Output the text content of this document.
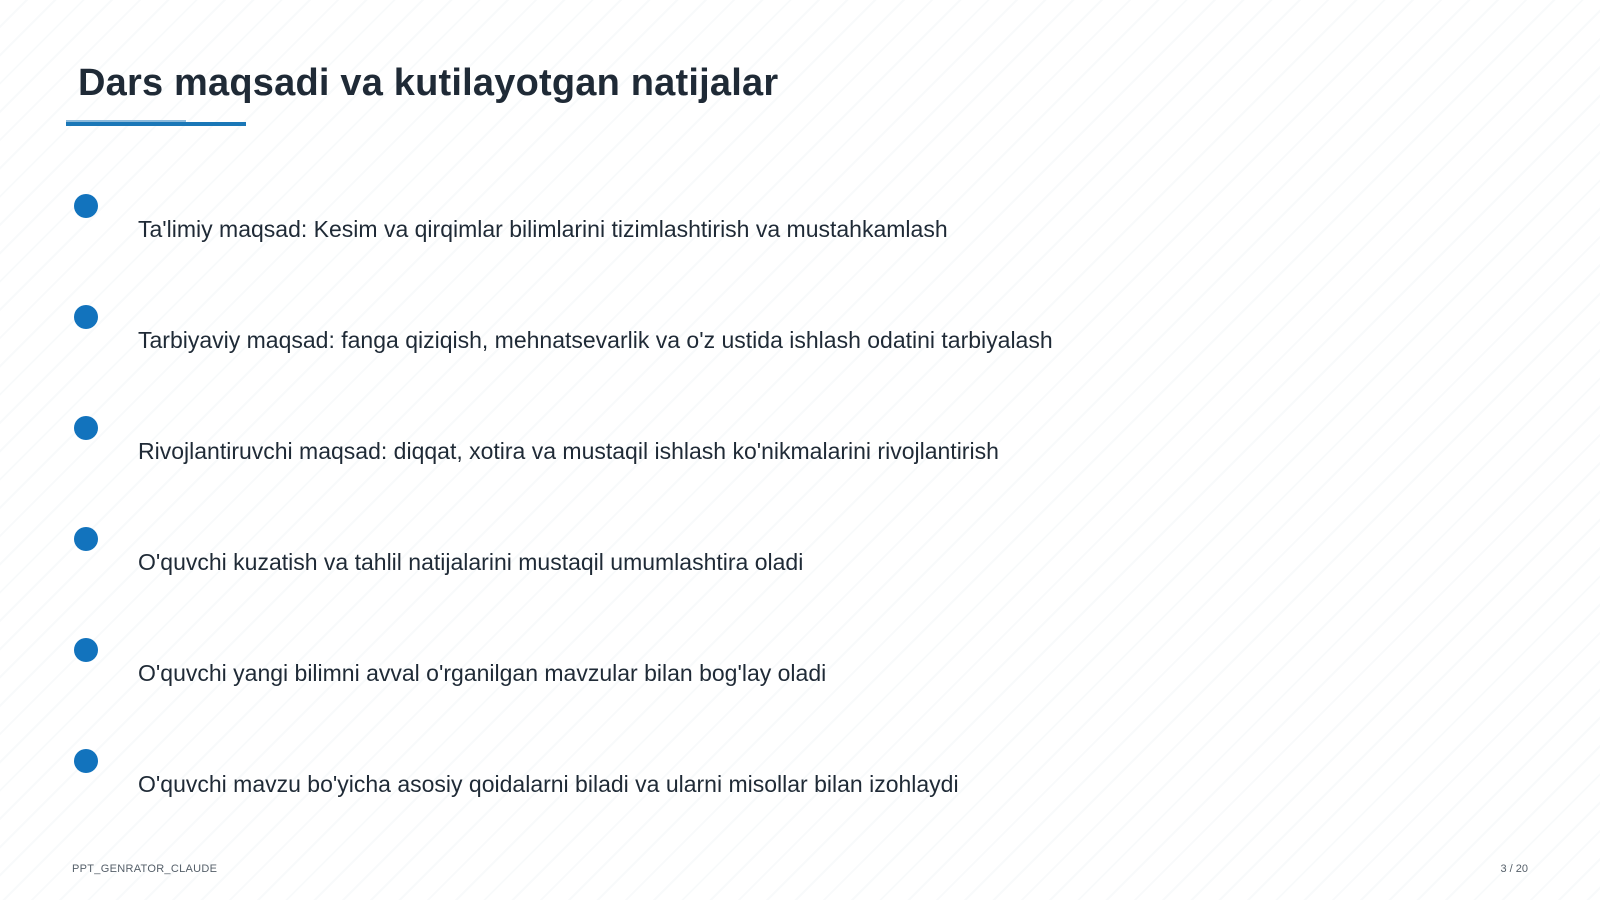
Dars maqsadi va kutilayotgan natijalar
Ta'limiy maqsad: Kesim va qirqimlar bilimlarini tizimlashtirish va mustahkamlash
Tarbiyaviy maqsad: fanga qiziqish, mehnatsevarlik va o'z ustida ishlash odatini tarbiyalash
Rivojlantiruvchi maqsad: diqqat, xotira va mustaqil ishlash ko'nikmalarini rivojlantirish
O'quvchi kuzatish va tahlil natijalarini mustaqil umumlashtira oladi
O'quvchi yangi bilimni avval o'rganilgan mavzular bilan bog'lay oladi
O'quvchi mavzu bo'yicha asosiy qoidalarni biladi va ularni misollar bilan izohlaydi
PPT_GENRATOR_CLAUDE	3 / 20
